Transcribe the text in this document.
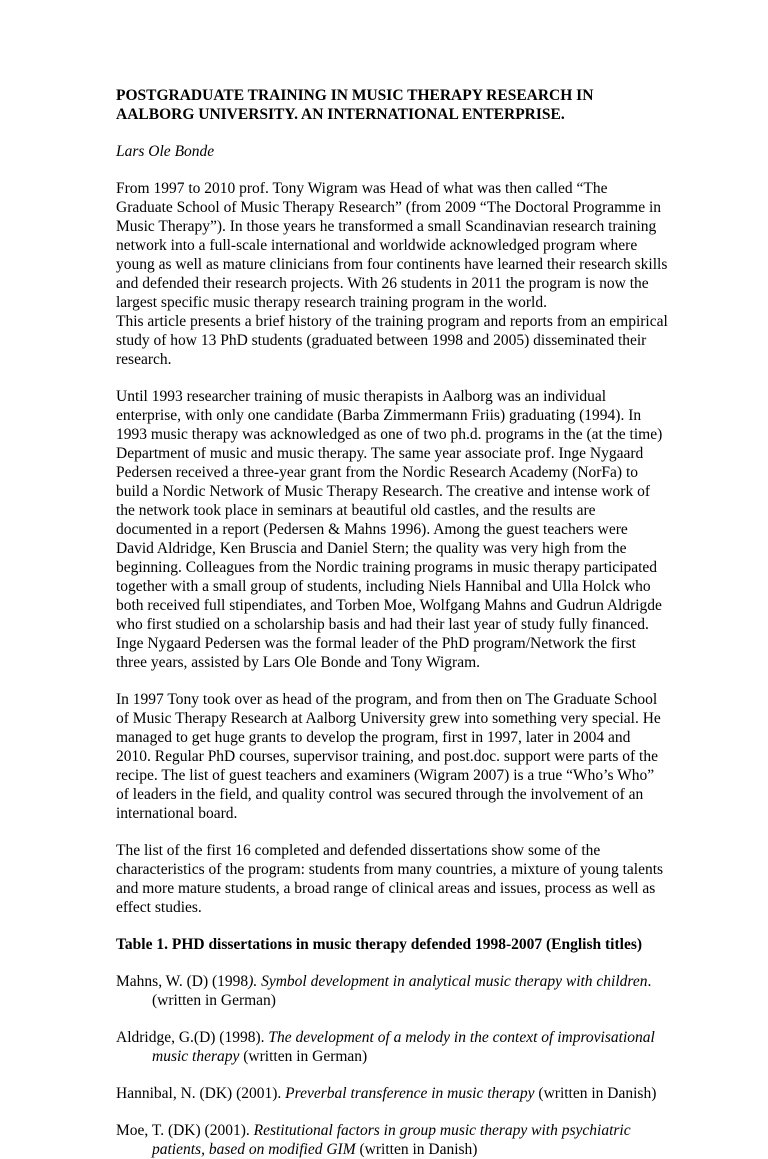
POSTGRADUATE TRAINING IN MUSIC THERAPY RESEARCH IN AALBORG UNIVERSITY. AN INTERNATIONAL ENTERPRISE.

Lars Ole Bonde

From 1997 to 2010 prof. Tony Wigram was Head of what was then called “The Graduate School of Music Therapy Research” (from 2009 “The Doctoral Programme in Music Therapy”). In those years he transformed a small Scandinavian research training network into a full-scale international and worldwide acknowledged program where young as well as mature clinicians from four continents have learned their research skills and defended their research projects. With 26 students in 2011 the program is now the largest specific music therapy research training program in the world.

This article presents a brief history of the training program and reports from an empirical study of how 13 PhD students (graduated between 1998 and 2005) disseminated their research.

Until 1993 researcher training of music therapists in Aalborg was an individual enterprise, with only one candidate (Barba Zimmermann Friis) graduating (1994). In 1993 music therapy was acknowledged as one of two ph.d. programs in the (at the time) Department of music and music therapy. The same year associate prof. Inge Nygaard Pedersen received a three-year grant from the Nordic Research Academy (NorFa) to build a Nordic Network of Music Therapy Research. The creative and intense work of the network took place in seminars at beautiful old castles, and the results are documented in a report (Pedersen & Mahns 1996). Among the guest teachers were David Aldridge, Ken Bruscia and Daniel Stern; the quality was very high from the beginning. Colleagues from the Nordic training programs in music therapy participated together with a small group of students, including Niels Hannibal and Ulla Holck who both received full stipendiates, and Torben Moe, Wolfgang Mahns and Gudrun Aldrigde who first studied on a scholarship basis and had their last year of study fully financed. Inge Nygaard Pedersen was the formal leader of the PhD program/Network the first three years, assisted by Lars Ole Bonde and Tony Wigram.

In 1997 Tony took over as head of the program, and from then on The Graduate School of Music Therapy Research at Aalborg University grew into something very special. He managed to get huge grants to develop the program, first in 1997, later in 2004 and 2010. Regular PhD courses, supervisor training, and post.doc. support were parts of the recipe. The list of guest teachers and examiners (Wigram 2007) is a true “Who’s Who” of leaders in the field, and quality control was secured through the involvement of an international board.

The list of the first 16 completed and defended dissertations show some of the characteristics of the program: students from many countries, a mixture of young talents and more mature students, a broad range of clinical areas and issues, process as well as effect studies.

Table 1. PHD dissertations in music therapy defended 1998-2007 (English titles)

Mahns, W. (D) (1998). Symbol development in analytical music therapy with children. (written in German)

Aldridge, G.(D) (1998). The development of a melody in the context of improvisational music therapy (written in German)

Hannibal, N. (DK) (2001). Preverbal transference in music therapy (written in Danish)

Moe, T. (DK) (2001). Restitutional factors in group music therapy with psychiatric patients, based on modified GIM (written in Danish)
